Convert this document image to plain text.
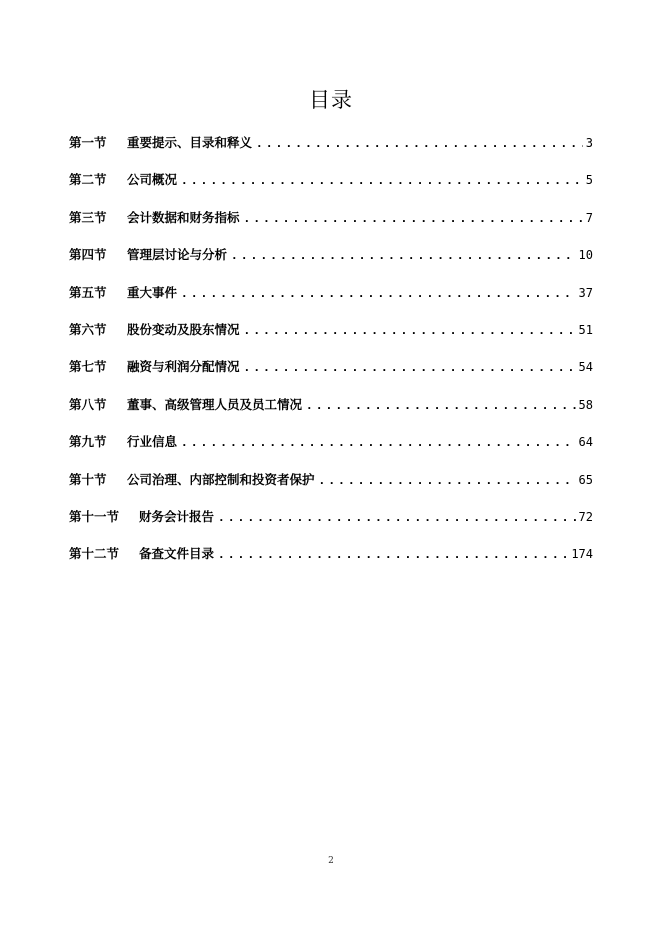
目录
第一节	重要提示、目录和释义 .....	3
第二节	公司概况 .....	5
第三节	会计数据和财务指标 .....	7
第四节	管理层讨论与分析 .....	10
第五节	重大事件 .....	37
第六节	股份变动及股东情况 .....	51
第七节	融资与利润分配情况 .....	54
第八节	董事、高级管理人员及员工情况 .....	58
第九节	行业信息 .....	64
第十节	公司治理、内部控制和投资者保护 .....	65
第十一节	财务会计报告 .....	72
第十二节	备查文件目录 .....	174
2
